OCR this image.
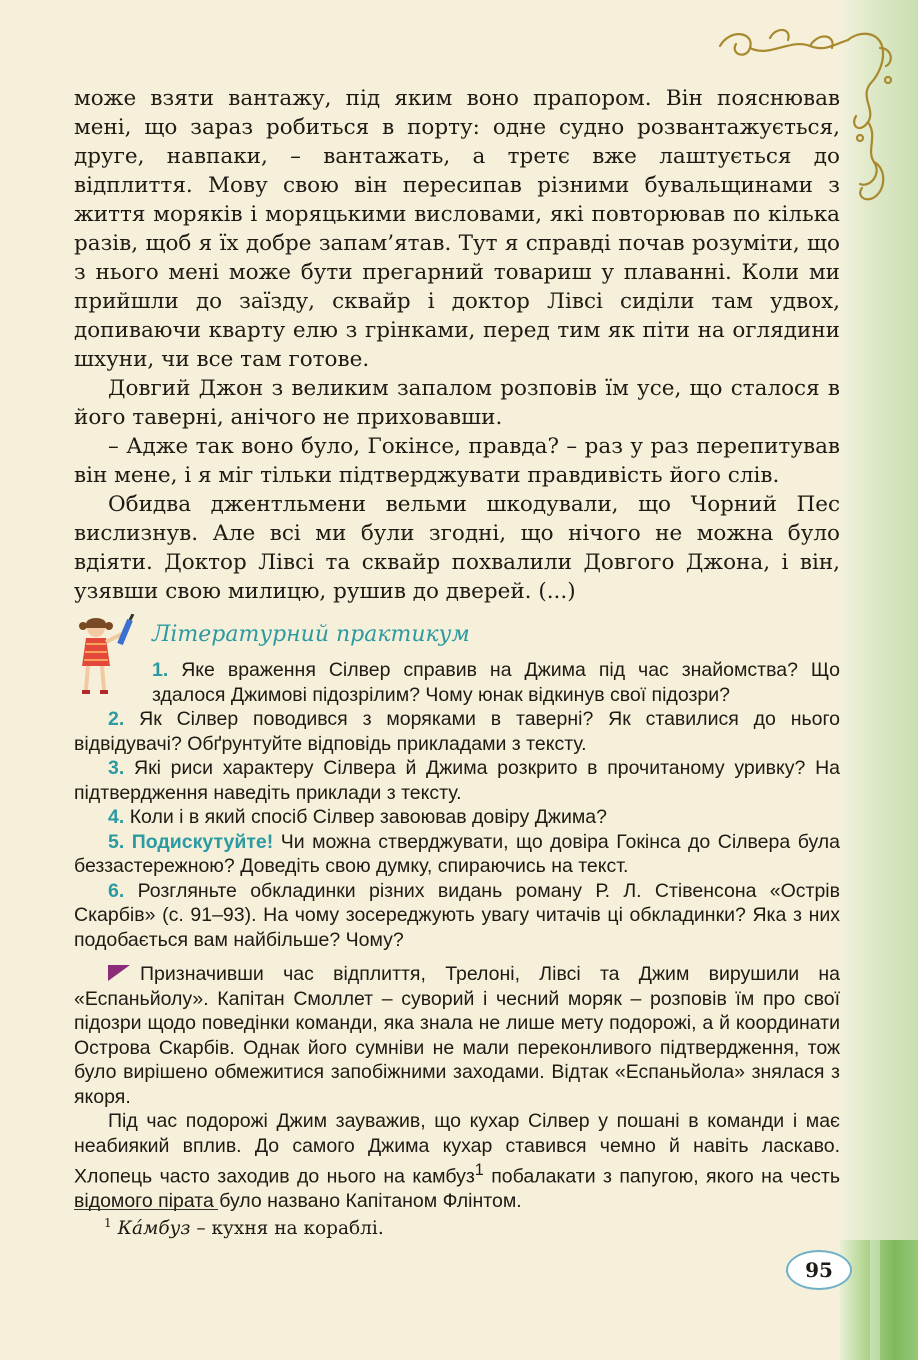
може взяти вантажу, під яким воно прапором. Він пояснював мені, що зараз робиться в порту: одне судно розвантажується, друге, навпаки, – вантажать, а третє вже лаштується до відплиття. Мову свою він пересипав різними бувальщинами з життя моряків і моряцькими висловами, які повторював по кілька разів, щоб я їх добре запам’ятав. Тут я справді почав розуміти, що з нього мені може бути прегарний товариш у плаванні. Коли ми прийшли до заїзду, сквайр і доктор Лівсі сиділи там удвох, допиваючи кварту елю з грінками, перед тим як піти на оглядини шхуни, чи все там готове.

Довгий Джон з великим запалом розповів їм усе, що сталося в його таверні, анічого не приховавши.

– Адже так воно було, Гокінсе, правда? – раз у раз перепитував він мене, і я міг тільки підтверджувати правдивість його слів.

Обидва джентльмени вельми шкодували, що Чорний Пес вислизнув. Але всі ми були згодні, що нічого не можна було вдіяти. Доктор Лівсі та сквайр похвалили Довгого Джона, і він, узявши свою милицю, рушив до дверей. (...)

Літературний практикум

1. Яке враження Сілвер справив на Джима під час знайомства? Що здалося Джимові підозрілим? Чому юнак відкинув свої підозри?

2. Як Сілвер поводився з моряками в таверні? Як ставилися до нього відвідувачі? Обґрунтуйте відповідь прикладами з тексту.

3. Які риси характеру Сілвера й Джима розкрито в прочитаному уривку? На підтвердження наведіть приклади з тексту.

4. Коли і в який спосіб Сілвер завоював довіру Джима?

5. Подискутуйте! Чи можна стверджувати, що довіра Гокінса до Сілвера була беззастережною? Доведіть свою думку, спираючись на текст.

6. Розгляньте обкладинки різних видань роману Р. Л. Стівенсона «Острів Скарбів» (с. 91–93). На чому зосереджують увагу читачів ці обкладинки? Яка з них подобається вам найбільше? Чому?

Призначивши час відплиття, Трелоні, Лівсі та Джим вирушили на «Еспаньйолу». Капітан Смоллет – суворий і чесний моряк – розповів їм про свої підозри щодо поведінки команди, яка знала не лише мету подорожі, а й координати Острова Скарбів. Однак його сумніви не мали переконливого підтвердження, тож було вирішено обмежитися запобіжними заходами. Відтак «Еспаньйола» знялася з якоря.

Під час подорожі Джим зауважив, що кухар Сілвер у пошані в команди і має неабиякий вплив. До самого Джима кухар ставився чемно й навіть ласкаво. Хлопець часто заходив до нього на камбуз$^1$ побалакати з папугою, якого на честь відомого пірата було названо Капітаном Флінтом.

$^1$ Ка́мбуз – кухня на кораблі.
95
